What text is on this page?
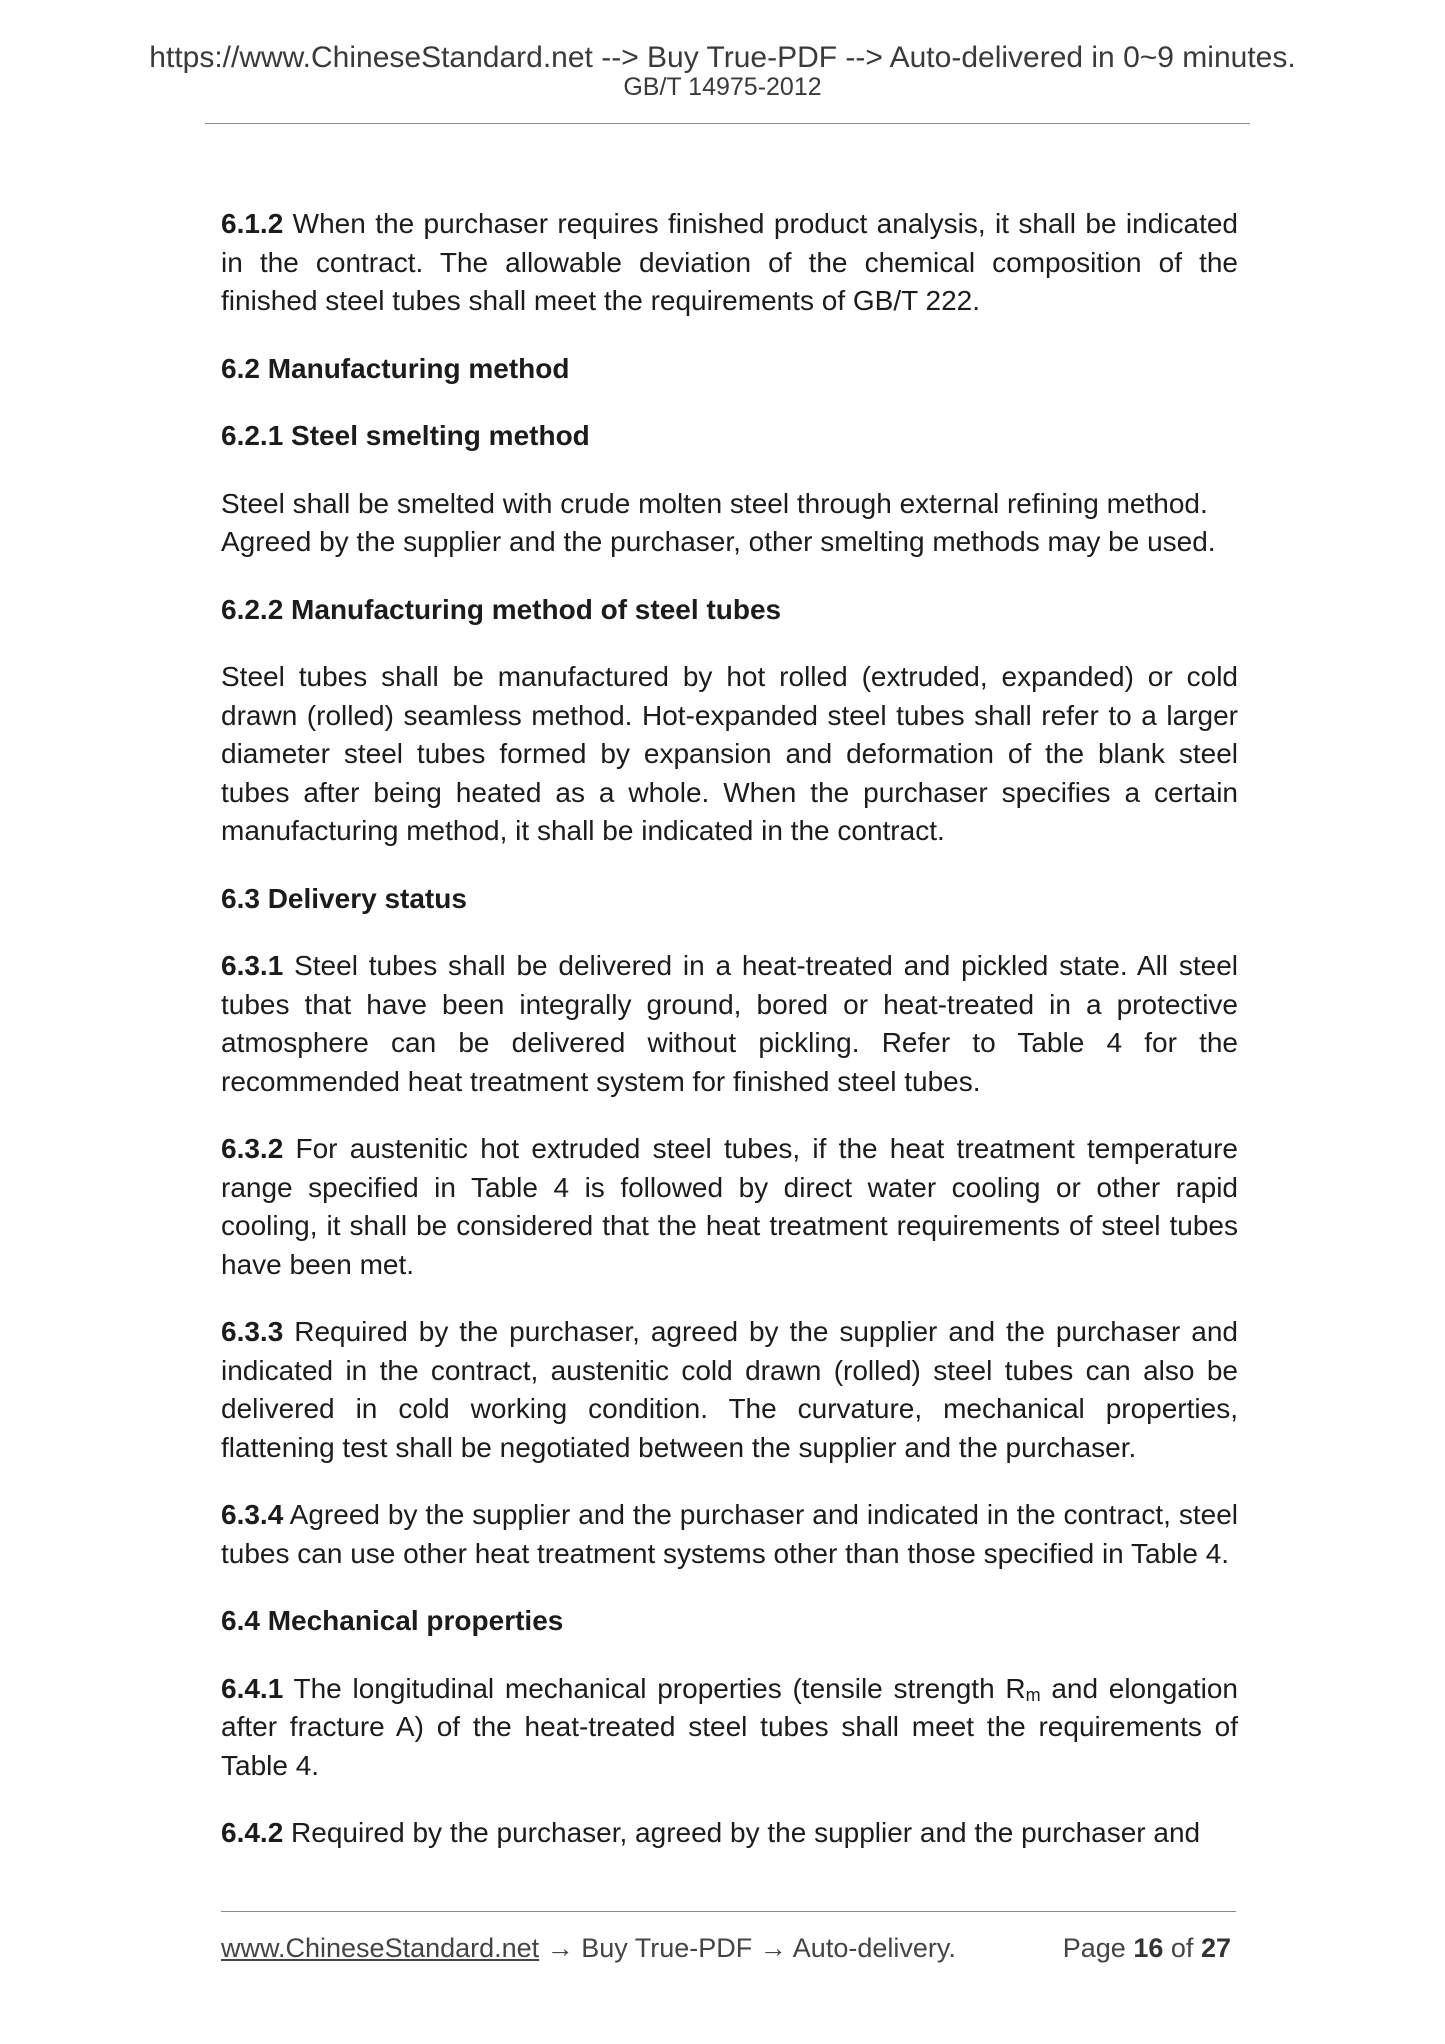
https://www.ChineseStandard.net --> Buy True-PDF --> Auto-delivered in 0~9 minutes.
GB/T 14975-2012

6.1.2 When the purchaser requires finished product analysis, it shall be indicated in the contract. The allowable deviation of the chemical composition of the finished steel tubes shall meet the requirements of GB/T 222.

6.2 Manufacturing method
6.2.1 Steel smelting method

Steel shall be smelted with crude molten steel through external refining method. Agreed by the supplier and the purchaser, other smelting methods may be used.

6.2.2 Manufacturing method of steel tubes

Steel tubes shall be manufactured by hot rolled (extruded, expanded) or cold drawn (rolled) seamless method. Hot-expanded steel tubes shall refer to a larger diameter steel tubes formed by expansion and deformation of the blank steel tubes after being heated as a whole. When the purchaser specifies a certain manufacturing method, it shall be indicated in the contract.

6.3 Delivery status

6.3.1 Steel tubes shall be delivered in a heat-treated and pickled state. All steel tubes that have been integrally ground, bored or heat-treated in a protective atmosphere can be delivered without pickling. Refer to Table 4 for the recommended heat treatment system for finished steel tubes.

6.3.2 For austenitic hot extruded steel tubes, if the heat treatment temperature range specified in Table 4 is followed by direct water cooling or other rapid cooling, it shall be considered that the heat treatment requirements of steel tubes have been met.

6.3.3 Required by the purchaser, agreed by the supplier and the purchaser and indicated in the contract, austenitic cold drawn (rolled) steel tubes can also be delivered in cold working condition. The curvature, mechanical properties, flattening test shall be negotiated between the supplier and the purchaser.

6.3.4 Agreed by the supplier and the purchaser and indicated in the contract, steel tubes can use other heat treatment systems other than those specified in Table 4.

6.4 Mechanical properties

6.4.1 The longitudinal mechanical properties (tensile strength $R_m$ and elongation after fracture A) of the heat-treated steel tubes shall meet the requirements of Table 4.

6.4.2 Required by the purchaser, agreed by the supplier and the purchaser and

www.ChineseStandard.net → Buy True-PDF → Auto-delivery.	Page 16 of 27
